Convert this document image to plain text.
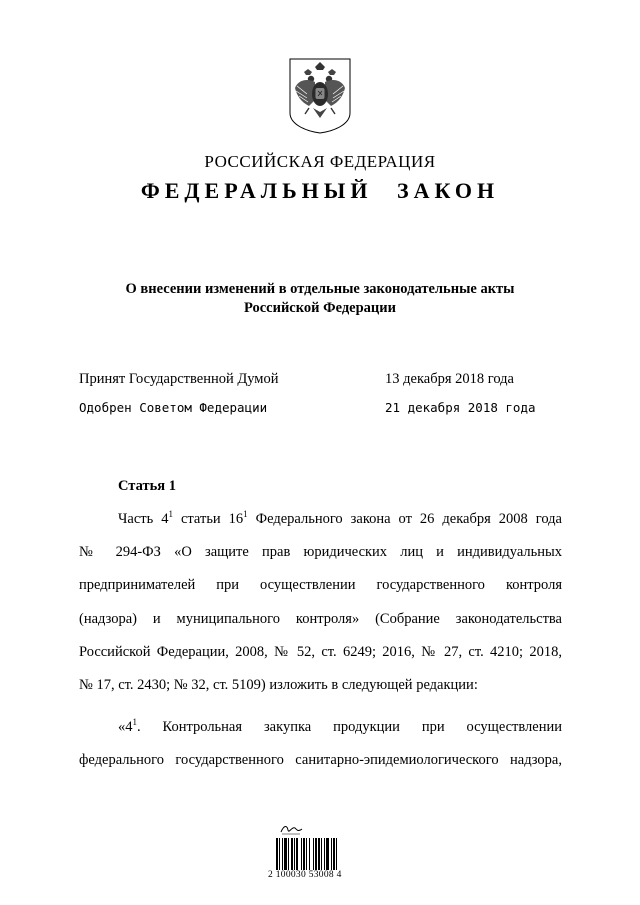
РОССИЙСКАЯ ФЕДЕРАЦИЯ
ФЕДЕРАЛЬНЫЙ ЗАКОН
О внесении изменений в отдельные законодательные акты
Российской Федерации
Принят Государственной Думой	13 декабря 2018 года
Одобрен Советом Федерации	21 декабря 2018 года
Статья 1
Часть $4^1$ статьи $16^1$ Федерального закона от 26 декабря 2008 года
№ 294-ФЗ «О защите прав юридических лиц и индивидуальных
предпринимателей при осуществлении государственного контроля
(надзора) и муниципального контроля» (Собрание законодательства
Российской Федерации, 2008, № 52, ст. 6249; 2016, № 27, ст. 4210; 2018,
№ 17, ст. 2430; № 32, ст. 5109) изложить в следующей редакции:
«$4^1$. Контрольная закупка продукции при осуществлении
федерального государственного санитарно-эпидемиологического надзора,
2 100030 53008 4
